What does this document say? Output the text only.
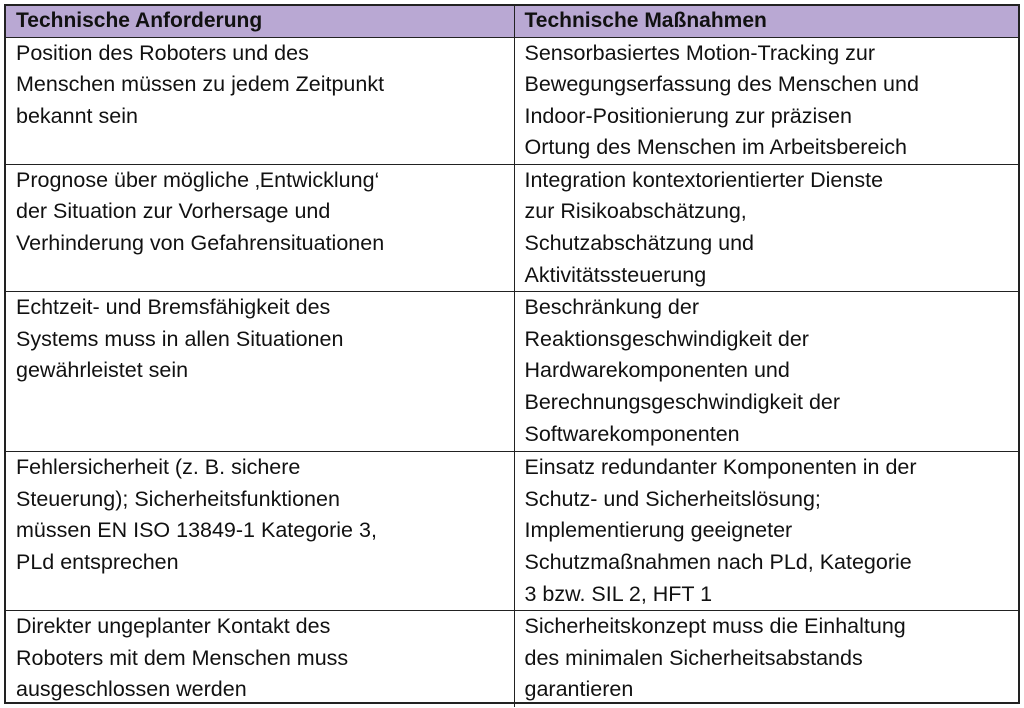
Technische Anforderung	Technische Maßnahmen

Position des Roboters und des
Menschen müssen zu jedem Zeitpunkt
bekannt sein	Sensorbasiertes Motion-Tracking zur
Bewegungserfassung des Menschen und
Indoor-Positionierung zur präzisen
Ortung des Menschen im Arbeitsbereich

Prognose über mögliche ‚Entwicklung‘
der Situation zur Vorhersage und
Verhinderung von Gefahrensituationen	Integration kontextorientierter Dienste
zur Risikoabschätzung,
Schutzabschätzung und
Aktivitätssteuerung

Echtzeit- und Bremsfähigkeit des
Systems muss in allen Situationen
gewährleistet sein	Beschränkung der
Reaktionsgeschwindigkeit der
Hardwarekomponenten und
Berechnungsgeschwindigkeit der
Softwarekomponenten

Fehlersicherheit (z. B. sichere
Steuerung); Sicherheitsfunktionen
müssen EN ISO 13849-1 Kategorie 3,
PLd entsprechen	Einsatz redundanter Komponenten in der
Schutz- und Sicherheitslösung;
Implementierung geeigneter
Schutzmaßnahmen nach PLd, Kategorie
3 bzw. SIL 2, HFT 1

Direkter ungeplanter Kontakt des
Roboters mit dem Menschen muss
ausgeschlossen werden	Sicherheitskonzept muss die Einhaltung
des minimalen Sicherheitsabstands
garantieren
